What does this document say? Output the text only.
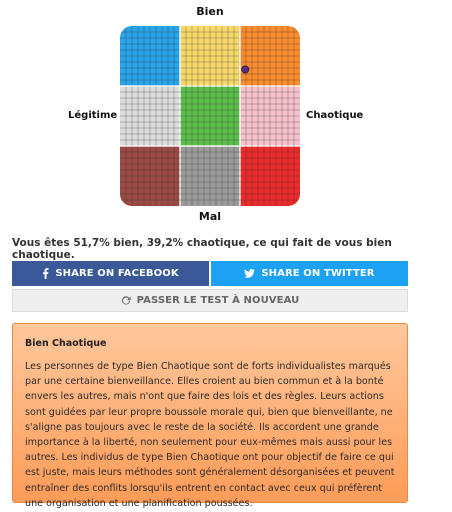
Bien
Légitime	Chaotique
Mal
Vous êtes 51,7% bien, 39,2% chaotique, ce qui fait de vous bien chaotique.
SHARE ON FACEBOOK	SHARE ON TWITTER
PASSER LE TEST À NOUVEAU
Bien Chaotique

Les personnes de type Bien Chaotique sont de forts individualistes marqués par une certaine bienveillance. Elles croient au bien commun et à la bonté envers les autres, mais n'ont que faire des lois et des règles. Leurs actions sont guidées par leur propre boussole morale qui, bien que bienveillante, ne s'aligne pas toujours avec le reste de la société. Ils accordent une grande importance à la liberté, non seulement pour eux-mêmes mais aussi pour les autres. Les individus de type Bien Chaotique ont pour objectif de faire ce qui est juste, mais leurs méthodes sont généralement désorganisées et peuvent entraîner des conflits lorsqu'ils entrent en contact avec ceux qui préfèrent une organisation et une planification poussées.
